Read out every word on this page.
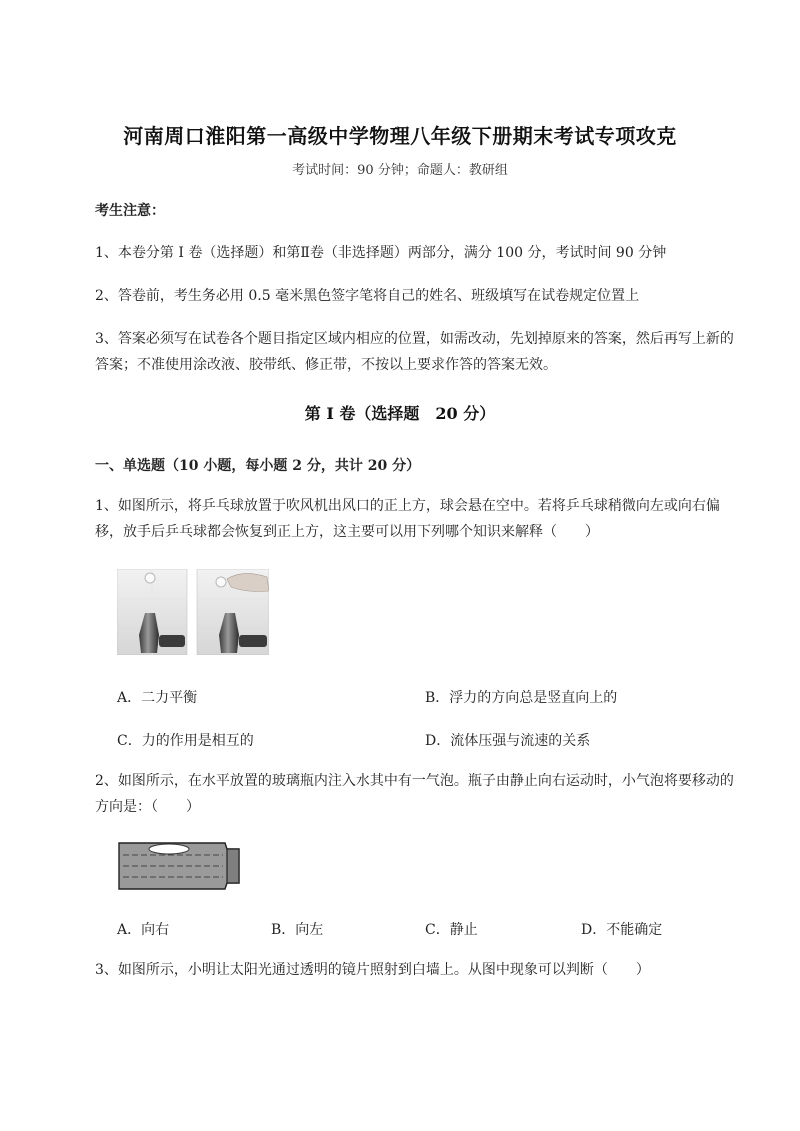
河南周口淮阳第一高级中学物理八年级下册期末考试专项攻克
考试时间：90 分钟；命题人：教研组
考生注意：
1、本卷分第 I 卷（选择题）和第Ⅱ卷（非选择题）两部分，满分 100 分，考试时间 90 分钟
2、答卷前，考生务必用 0.5 毫米黑色签字笔将自己的姓名、班级填写在试卷规定位置上
3、答案必须写在试卷各个题目指定区域内相应的位置，如需改动，先划掉原来的答案，然后再写上新的答案；不准使用涂改液、胶带纸、修正带，不按以上要求作答的答案无效。
第 I 卷（选择题　20 分）
一、单选题（10 小题，每小题 2 分，共计 20 分）
1、如图所示，将乒乓球放置于吹风机出风口的正上方，球会悬在空中。若将乒乓球稍微向左或向右偏移，放手后乒乓球都会恢复到正上方，这主要可以用下列哪个知识来解释（　　）
A．二力平衡	B．浮力的方向总是竖直向上的
C．力的作用是相互的	D．流体压强与流速的关系
2、如图所示，在水平放置的玻璃瓶内注入水其中有一气泡。瓶子由静止向右运动时，小气泡将要移动的方向是：（　　）
A．向右	B．向左	C．静止	D．不能确定
3、如图所示，小明让太阳光通过透明的镜片照射到白墙上。从图中现象可以判断（　　）
